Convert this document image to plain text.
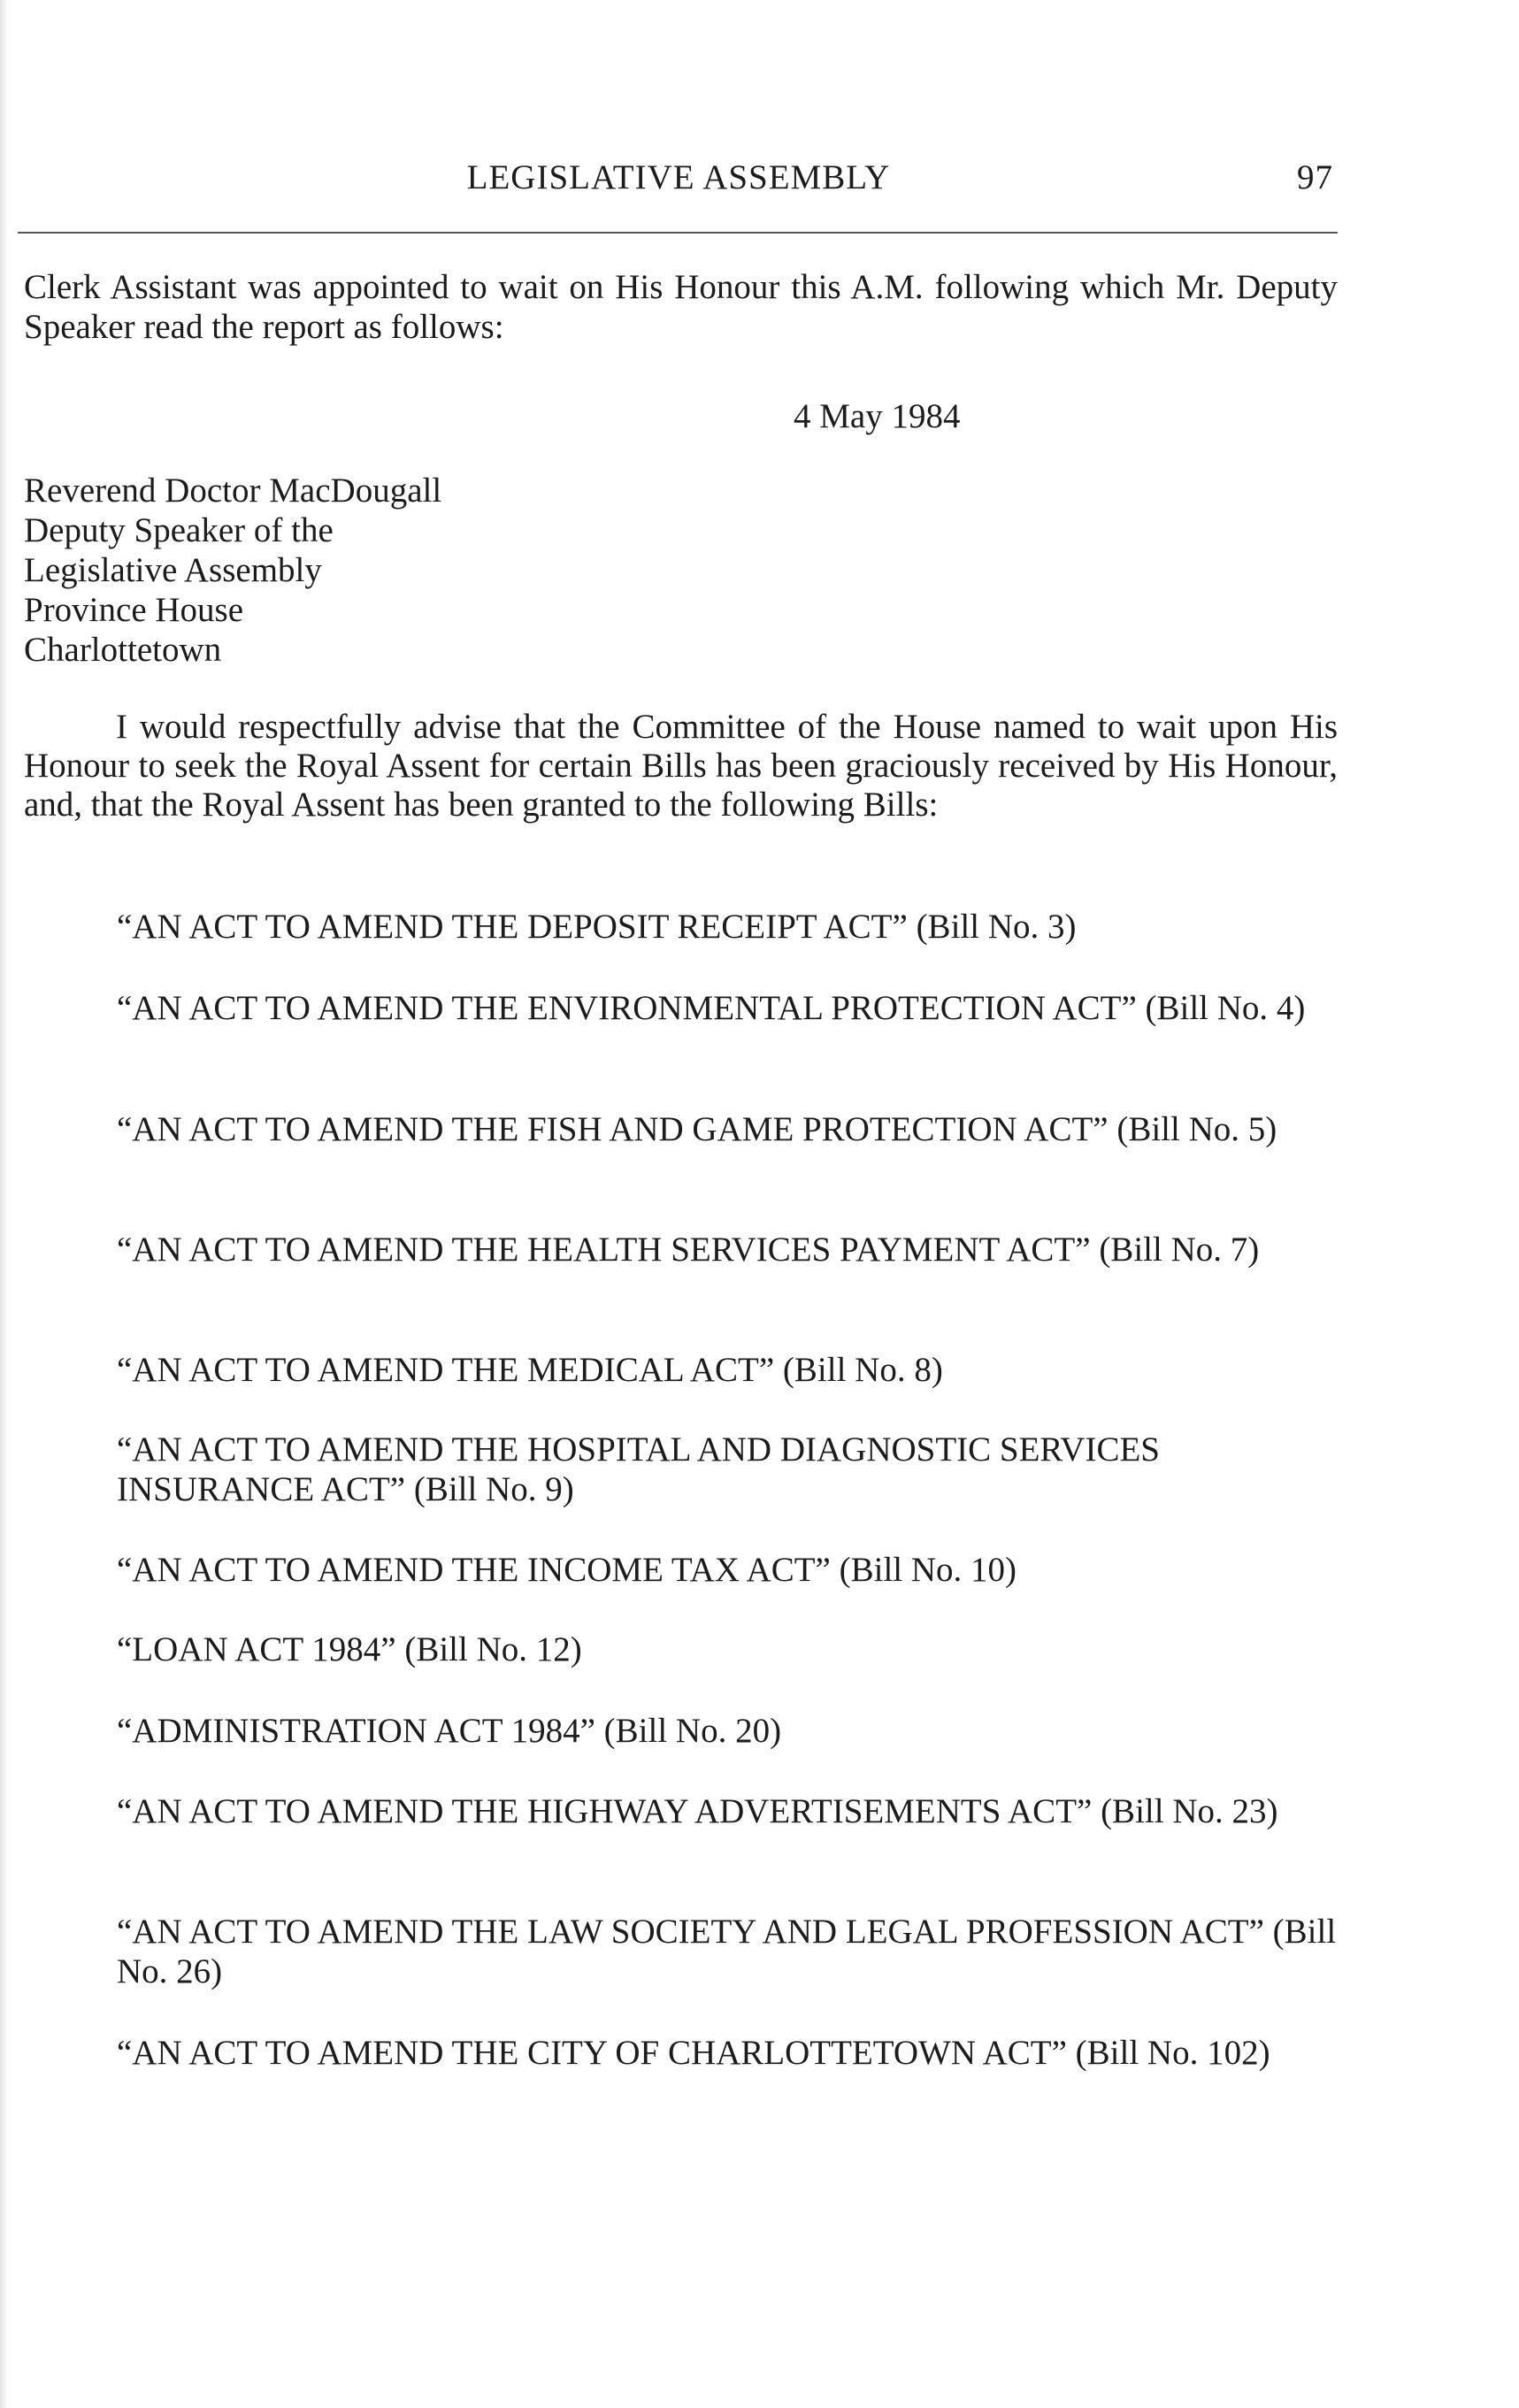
LEGISLATIVE ASSEMBLY	97
Clerk Assistant was appointed to wait on His Honour this A.M. following which Mr. Deputy Speaker read the report as follows:
4 May 1984
Reverend Doctor MacDougall
Deputy Speaker of the
Legislative Assembly
Province House
Charlottetown
I would respectfully advise that the Committee of the House named to wait upon His Honour to seek the Royal Assent for certain Bills has been graciously received by His Honour, and, that the Royal Assent has been granted to the following Bills:
“AN ACT TO AMEND THE DEPOSIT RECEIPT ACT” (Bill No. 3)
“AN ACT TO AMEND THE ENVIRONMENTAL PROTECTION ACT” (Bill No. 4)
“AN ACT TO AMEND THE FISH AND GAME PROTECTION ACT” (Bill No. 5)
“AN ACT TO AMEND THE HEALTH SERVICES PAYMENT ACT” (Bill No. 7)
“AN ACT TO AMEND THE MEDICAL ACT” (Bill No. 8)
“AN ACT TO AMEND THE HOSPITAL AND DIAGNOSTIC SERVICES INSURANCE ACT” (Bill No. 9)
“AN ACT TO AMEND THE INCOME TAX ACT” (Bill No. 10)
“LOAN ACT 1984” (Bill No. 12)
“ADMINISTRATION ACT 1984” (Bill No. 20)
“AN ACT TO AMEND THE HIGHWAY ADVERTISEMENTS ACT” (Bill No. 23)
“AN ACT TO AMEND THE LAW SOCIETY AND LEGAL PROFESSION ACT” (Bill No. 26)
“AN ACT TO AMEND THE CITY OF CHARLOTTETOWN ACT” (Bill No. 102)
